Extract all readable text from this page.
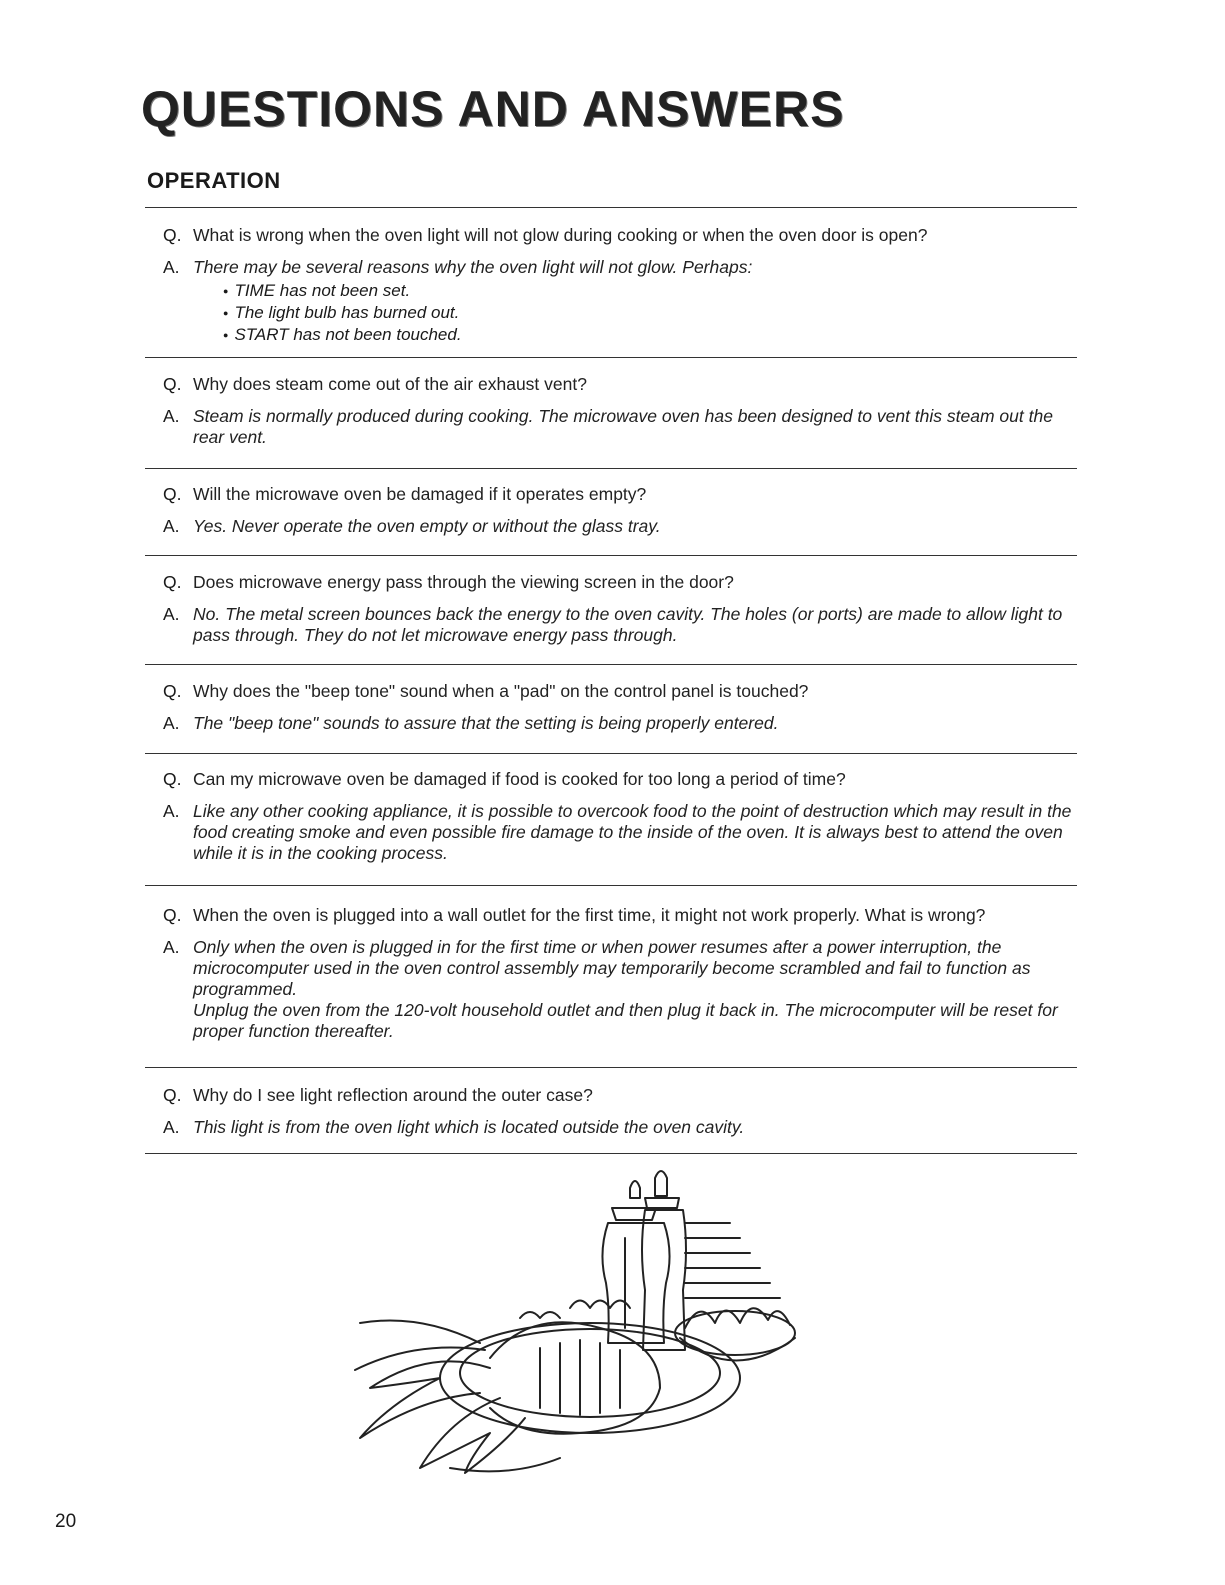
QUESTIONS AND ANSWERS
OPERATION
Q. What is wrong when the oven light will not glow during cooking or when the oven door is open?
A. There may be several reasons why the oven light will not glow. Perhaps:
● TIME has not been set.
● The light bulb has burned out.
● START has not been touched.
Q. Why does steam come out of the air exhaust vent?
A. Steam is normally produced during cooking. The microwave oven has been designed to vent this steam out the rear vent.
Q. Will the microwave oven be damaged if it operates empty?
A. Yes. Never operate the oven empty or without the glass tray.
Q. Does microwave energy pass through the viewing screen in the door?
A. No. The metal screen bounces back the energy to the oven cavity. The holes (or ports) are made to allow light to pass through. They do not let microwave energy pass through.
Q. Why does the "beep tone" sound when a "pad" on the control panel is touched?
A. The "beep tone" sounds to assure that the setting is being properly entered.
Q. Can my microwave oven be damaged if food is cooked for too long a period of time?
A. Like any other cooking appliance, it is possible to overcook food to the point of destruction which may result in the food creating smoke and even possible fire damage to the inside of the oven. It is always best to attend the oven while it is in the cooking process.
Q. When the oven is plugged into a wall outlet for the first time, it might not work properly. What is wrong?
A. Only when the oven is plugged in for the first time or when power resumes after a power interruption, the microcomputer used in the oven control assembly may temporarily become scrambled and fail to function as programmed.
Unplug the oven from the 120-volt household outlet and then plug it back in. The microcomputer will be reset for proper function thereafter.
Q. Why do I see light reflection around the outer case?
A. This light is from the oven light which is located outside the oven cavity.
20
